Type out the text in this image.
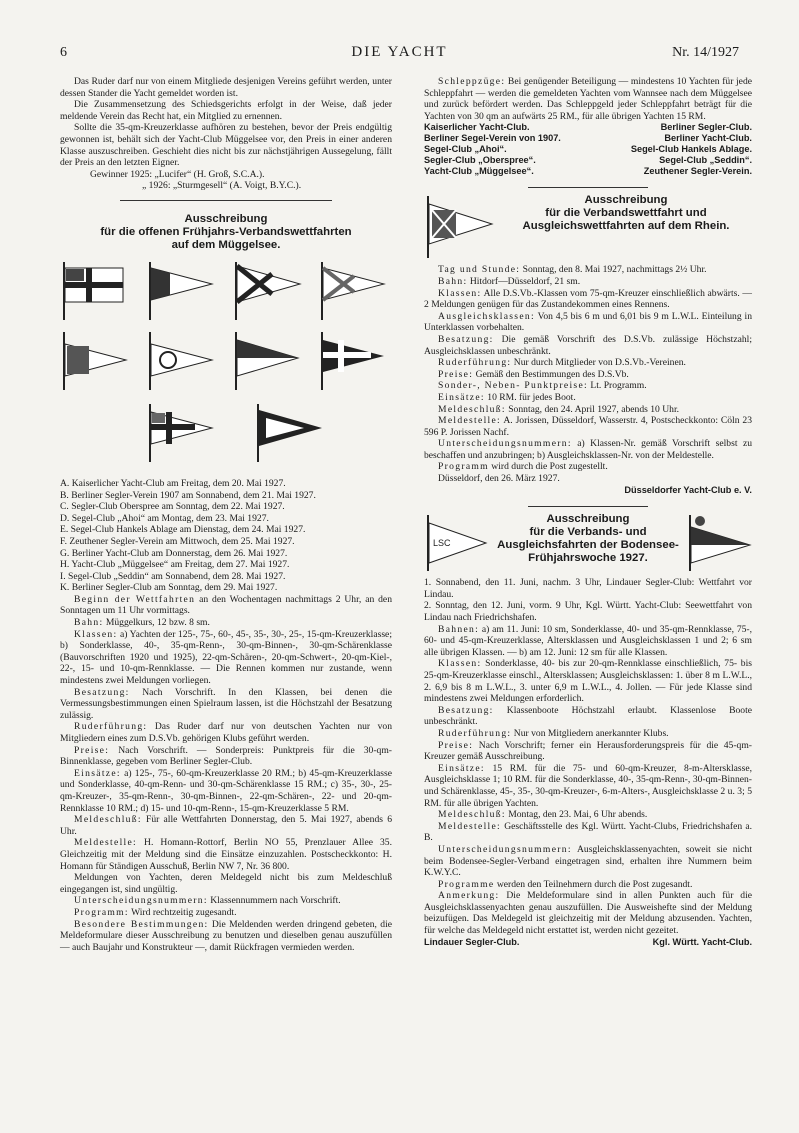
6	DIE YACHT	Nr. 14/1927

Das Ruder darf nur von einem Mitgliede desjenigen Vereins geführt werden, unter dessen Stander die Yacht gemeldet worden ist.

Die Zusammensetzung des Schiedsgerichts erfolgt in der Weise, daß jeder meldende Verein das Recht hat, ein Mitglied zu ernennen.

Sollte die 35-qm-Kreuzerklasse aufhören zu bestehen, bevor der Preis endgültig gewonnen ist, behält sich der Yacht-Club Müggelsee vor, den Preis in einer anderen Klasse auszuschreiben. Geschieht dies nicht bis zur nächstjährigen Aussegelung, fällt der Preis an den letzten Eigner.

Gewinner 1925: „Lucifer“ (H. Groß, S.C.A.).

„ 1926: „Sturmgesell“ (A. Voigt, B.Y.C.).

Ausschreibung
für die offenen Frühjahrs-Verbandswettfahrten
auf dem Müggelsee.

A. Kaiserlicher Yacht-Club am Freitag, dem 20. Mai 1927.

B. Berliner Segler-Verein 1907 am Sonnabend, dem 21. Mai 1927.

C. Segler-Club Oberspree am Sonntag, dem 22. Mai 1927.

D. Segel-Club „Ahoi“ am Montag, dem 23. Mai 1927.

E. Segel-Club Hankels Ablage am Dienstag, dem 24. Mai 1927.

F. Zeuthener Segler-Verein am Mittwoch, dem 25. Mai 1927.

G. Berliner Yacht-Club am Donnerstag, dem 26. Mai 1927.

H. Yacht-Club „Müggelsee“ am Freitag, dem 27. Mai 1927.

I. Segel-Club „Seddin“ am Sonnabend, dem 28. Mai 1927.

K. Berliner Segler-Club am Sonntag, dem 29. Mai 1927.

Beginn der Wettfahrten an den Wochentagen nachmittags 2 Uhr, an den Sonntagen um 11 Uhr vormittags.

Bahn: Müggelkurs, 12 bzw. 8 sm.

Klassen: a) Yachten der 125-, 75-, 60-, 45-, 35-, 30-, 25-, 15-qm-Kreuzerklasse; b) Sonderklasse, 40-, 35-qm-Renn-, 30-qm-Binnen-, 30-qm-Schärenklasse (Bauvorschriften 1920 und 1925), 22-qm-Schären-, 20-qm-Schwert-, 20-qm-Kiel-, 22-, 15- und 10-qm-Rennklasse. — Die Rennen kommen nur zustande, wenn mindestens zwei Meldungen vorliegen.

Besatzung: Nach Vorschrift. In den Klassen, bei denen die Vermessungsbestimmungen einen Spielraum lassen, ist die Höchstzahl der Besatzung zulässig.

Ruderführung: Das Ruder darf nur von deutschen Yachten nur von Mitgliedern eines zum D.S.Vb. gehörigen Klubs geführt werden.

Preise: Nach Vorschrift. — Sonderpreis: Punktpreis für die 30-qm-Binnenklasse, gegeben vom Berliner Segler-Club.

Einsätze: a) 125-, 75-, 60-qm-Kreuzerklasse 20 RM.; b) 45-qm-Kreuzerklasse und Sonderklasse, 40-qm-Renn- und 30-qm-Schärenklasse 15 RM.; c) 35-, 30-, 25-qm-Kreuzer-, 35-qm-Renn-, 30-qm-Binnen-, 22-qm-Schären-, 22- und 20-qm-Rennklasse 10 RM.; d) 15- und 10-qm-Renn-, 15-qm-Kreuzerklasse 5 RM.

Meldeschluß: Für alle Wettfahrten Donnerstag, den 5. Mai 1927, abends 6 Uhr.

Meldestelle: H. Homann-Rottorf, Berlin NO 55, Prenzlauer Allee 35. Gleichzeitig mit der Meldung sind die Einsätze einzuzahlen. Postscheckkonto: H. Homann für Ständigen Ausschuß, Berlin NW 7, Nr. 36 800.

Meldungen von Yachten, deren Meldegeld nicht bis zum Meldeschluß eingegangen ist, sind ungültig.

Unterscheidungsnummern: Klassennummern nach Vorschrift.

Programm: Wird rechtzeitig zugesandt.

Besondere Bestimmungen: Die Meldenden werden dringend gebeten, die Meldeformulare dieser Ausschreibung zu benutzen und dieselben genau auszufüllen — auch Baujahr und Konstrukteur —, damit Rückfragen vermieden werden.

Schleppzüge: Bei genügender Beteiligung — mindestens 10 Yachten für jede Schleppfahrt — werden die gemeldeten Yachten vom Wannsee nach dem Müggelsee und zurück befördert werden. Das Schleppgeld jeder Schleppfahrt beträgt für die Yachten von 30 qm an aufwärts 25 RM., für alle übrigen Yachten 15 RM.

Kaiserlicher Yacht-Club.	Berliner Segler-Club.
Berliner Segel-Verein von 1907.	Berliner Yacht-Club.
Segel-Club „Ahoi“.	Segel-Club Hankels Ablage.
Segler-Club „Oberspree“.	Segel-Club „Seddin“.
Yacht-Club „Müggelsee“.	Zeuthener Segler-Verein.
Ausschreibung
für die Verbandswettfahrt und Ausgleichswettfahrten auf dem Rhein.

Tag und Stunde: Sonntag, den 8. Mai 1927, nachmittags 2½ Uhr.

Bahn: Hitdorf—Düsseldorf, 21 sm.

Klassen: Alle D.S.Vb.-Klassen vom 75-qm-Kreuzer einschließlich abwärts. — 2 Meldungen genügen für das Zustandekommen eines Rennens.

Ausgleichsklassen: Von 4,5 bis 6 m und 6,01 bis 9 m L.W.L. Einteilung in Unterklassen vorbehalten.

Besatzung: Die gemäß Vorschrift des D.S.Vb. zulässige Höchstzahl; Ausgleichsklassen unbeschränkt.

Ruderführung: Nur durch Mitglieder von D.S.Vb.-Vereinen.

Preise: Gemäß den Bestimmungen des D.S.Vb.

Sonder-, Neben- Punktpreise: Lt. Programm.

Einsätze: 10 RM. für jedes Boot.

Meldeschluß: Sonntag, den 24. April 1927, abends 10 Uhr.

Meldestelle: A. Jorissen, Düsseldorf, Wasserstr. 4, Postscheckkonto: Cöln 23 596 P. Jorissen Nachf.

Unterscheidungsnummern: a) Klassen-Nr. gemäß Vorschrift selbst zu beschaffen und anzubringen; b) Ausgleichsklassen-Nr. von der Meldestelle.

Programm wird durch die Post zugestellt.

Düsseldorf, den 26. März 1927.

Düsseldorfer Yacht-Club e. V.

LSC
Ausschreibung
für die Verbands- und Ausgleichsfahrten der Bodensee-Frühjahrswoche 1927.

1. Sonnabend, den 11. Juni, nachm. 3 Uhr, Lindauer Segler-Club: Wettfahrt vor Lindau.

2. Sonntag, den 12. Juni, vorm. 9 Uhr, Kgl. Württ. Yacht-Club: Seewettfahrt von Lindau nach Friedrichshafen.

Bahnen: a) am 11. Juni: 10 sm, Sonderklasse, 40- und 35-qm-Rennklasse, 75-, 60- und 45-qm-Kreuzerklasse, Altersklassen und Ausgleichsklassen 1 und 2; 6 sm alle übrigen Klassen. — b) am 12. Juni: 12 sm für alle Klassen.

Klassen: Sonderklasse, 40- bis zur 20-qm-Rennklasse einschließlich, 75- bis 25-qm-Kreuzerklasse einschl., Altersklassen; Ausgleichsklassen: 1. über 8 m L.W.L., 2. 6,9 bis 8 m L.W.L., 3. unter 6,9 m L.W.L., 4. Jollen. — Für jede Klasse sind mindestens zwei Meldungen erforderlich.

Besatzung: Klassenboote Höchstzahl erlaubt. Klassenlose Boote unbeschränkt.

Ruderführung: Nur von Mitgliedern anerkannter Klubs.

Preise: Nach Vorschrift; ferner ein Herausforderungspreis für die 45-qm-Kreuzer gemäß Ausschreibung.

Einsätze: 15 RM. für die 75- und 60-qm-Kreuzer, 8-m-Altersklasse, Ausgleichsklasse 1; 10 RM. für die Sonderklasse, 40-, 35-qm-Renn-, 30-qm-Binnen- und Schärenklasse, 45-, 35-, 30-qm-Kreuzer-, 6-m-Alters-, Ausgleichsklasse 2 u. 3; 5 RM. für alle übrigen Yachten.

Meldeschluß: Montag, den 23. Mai, 6 Uhr abends.

Meldestelle: Geschäftsstelle des Kgl. Württ. Yacht-Clubs, Friedrichshafen a. B.

Unterscheidungsnummern: Ausgleichsklassenyachten, soweit sie nicht beim Bodensee-Segler-Verband eingetragen sind, erhalten ihre Nummern beim K.W.Y.C.

Programme werden den Teilnehmern durch die Post zugesandt.

Anmerkung: Die Meldeformulare sind in allen Punkten auch für die Ausgleichsklassenyachten genau auszufüllen. Die Ausweishefte sind der Meldung beizufügen. Das Meldegeld ist gleichzeitig mit der Meldung abzusenden. Yachten, für welche das Meldegeld nicht erstattet ist, werden nicht gezeitet.

Lindauer Segler-Club.	Kgl. Württ. Yacht-Club.
